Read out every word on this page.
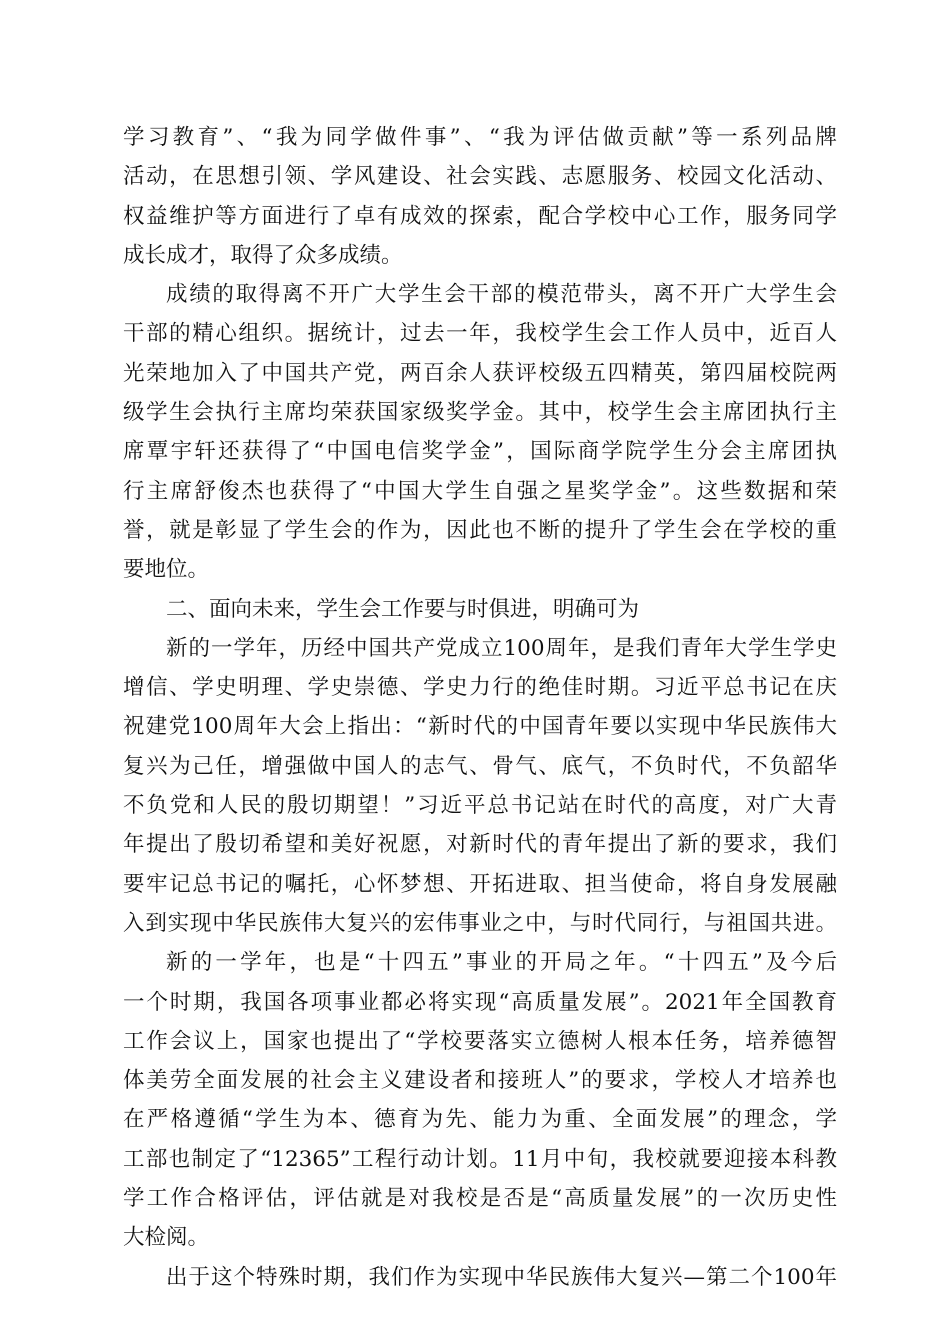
学习教育”、“我为同学做件事”、“我为评估做贡献”等一系列品牌
活动，在思想引领、学风建设、社会实践、志愿服务、校园文化活动、
权益维护等方面进行了卓有成效的探索，配合学校中心工作，服务同学
成长成才，取得了众多成绩。
成绩的取得离不开广大学生会干部的模范带头，离不开广大学生会
干部的精心组织。据统计，过去一年，我校学生会工作人员中，近百人
光荣地加入了中国共产党，两百余人获评校级五四精英，第四届校院两
级学生会执行主席均荣获国家级奖学金。其中，校学生会主席团执行主
席覃宇轩还获得了“中国电信奖学金”，国际商学院学生分会主席团执
行主席舒俊杰也获得了“中国大学生自强之星奖学金”。这些数据和荣
誉，就是彰显了学生会的作为，因此也不断的提升了学生会在学校的重
要地位。
二、面向未来，学生会工作要与时俱进，明确可为
新的一学年，历经中国共产党成立100周年，是我们青年大学生学史
增信、学史明理、学史崇德、学史力行的绝佳时期。习近平总书记在庆
祝建党100周年大会上指出：“新时代的中国青年要以实现中华民族伟大
复兴为己任，增强做中国人的志气、骨气、底气，不负时代，不负韶华
不负党和人民的殷切期望！”习近平总书记站在时代的高度，对广大青
年提出了殷切希望和美好祝愿，对新时代的青年提出了新的要求，我们
要牢记总书记的嘱托，心怀梦想、开拓进取、担当使命，将自身发展融
入到实现中华民族伟大复兴的宏伟事业之中，与时代同行，与祖国共进。
新的一学年，也是“十四五”事业的开局之年。“十四五”及今后
一个时期，我国各项事业都必将实现“高质量发展”。2021年全国教育
工作会议上，国家也提出了“学校要落实立德树人根本任务，培养德智
体美劳全面发展的社会主义建设者和接班人”的要求，学校人才培养也
在严格遵循“学生为本、德育为先、能力为重、全面发展”的理念，学
工部也制定了“12365”工程行动计划。11月中旬，我校就要迎接本科教
学工作合格评估，评估就是对我校是否是“高质量发展”的一次历史性
大检阅。
出于这个特殊时期，我们作为实现中华民族伟大复兴—第二个100年
